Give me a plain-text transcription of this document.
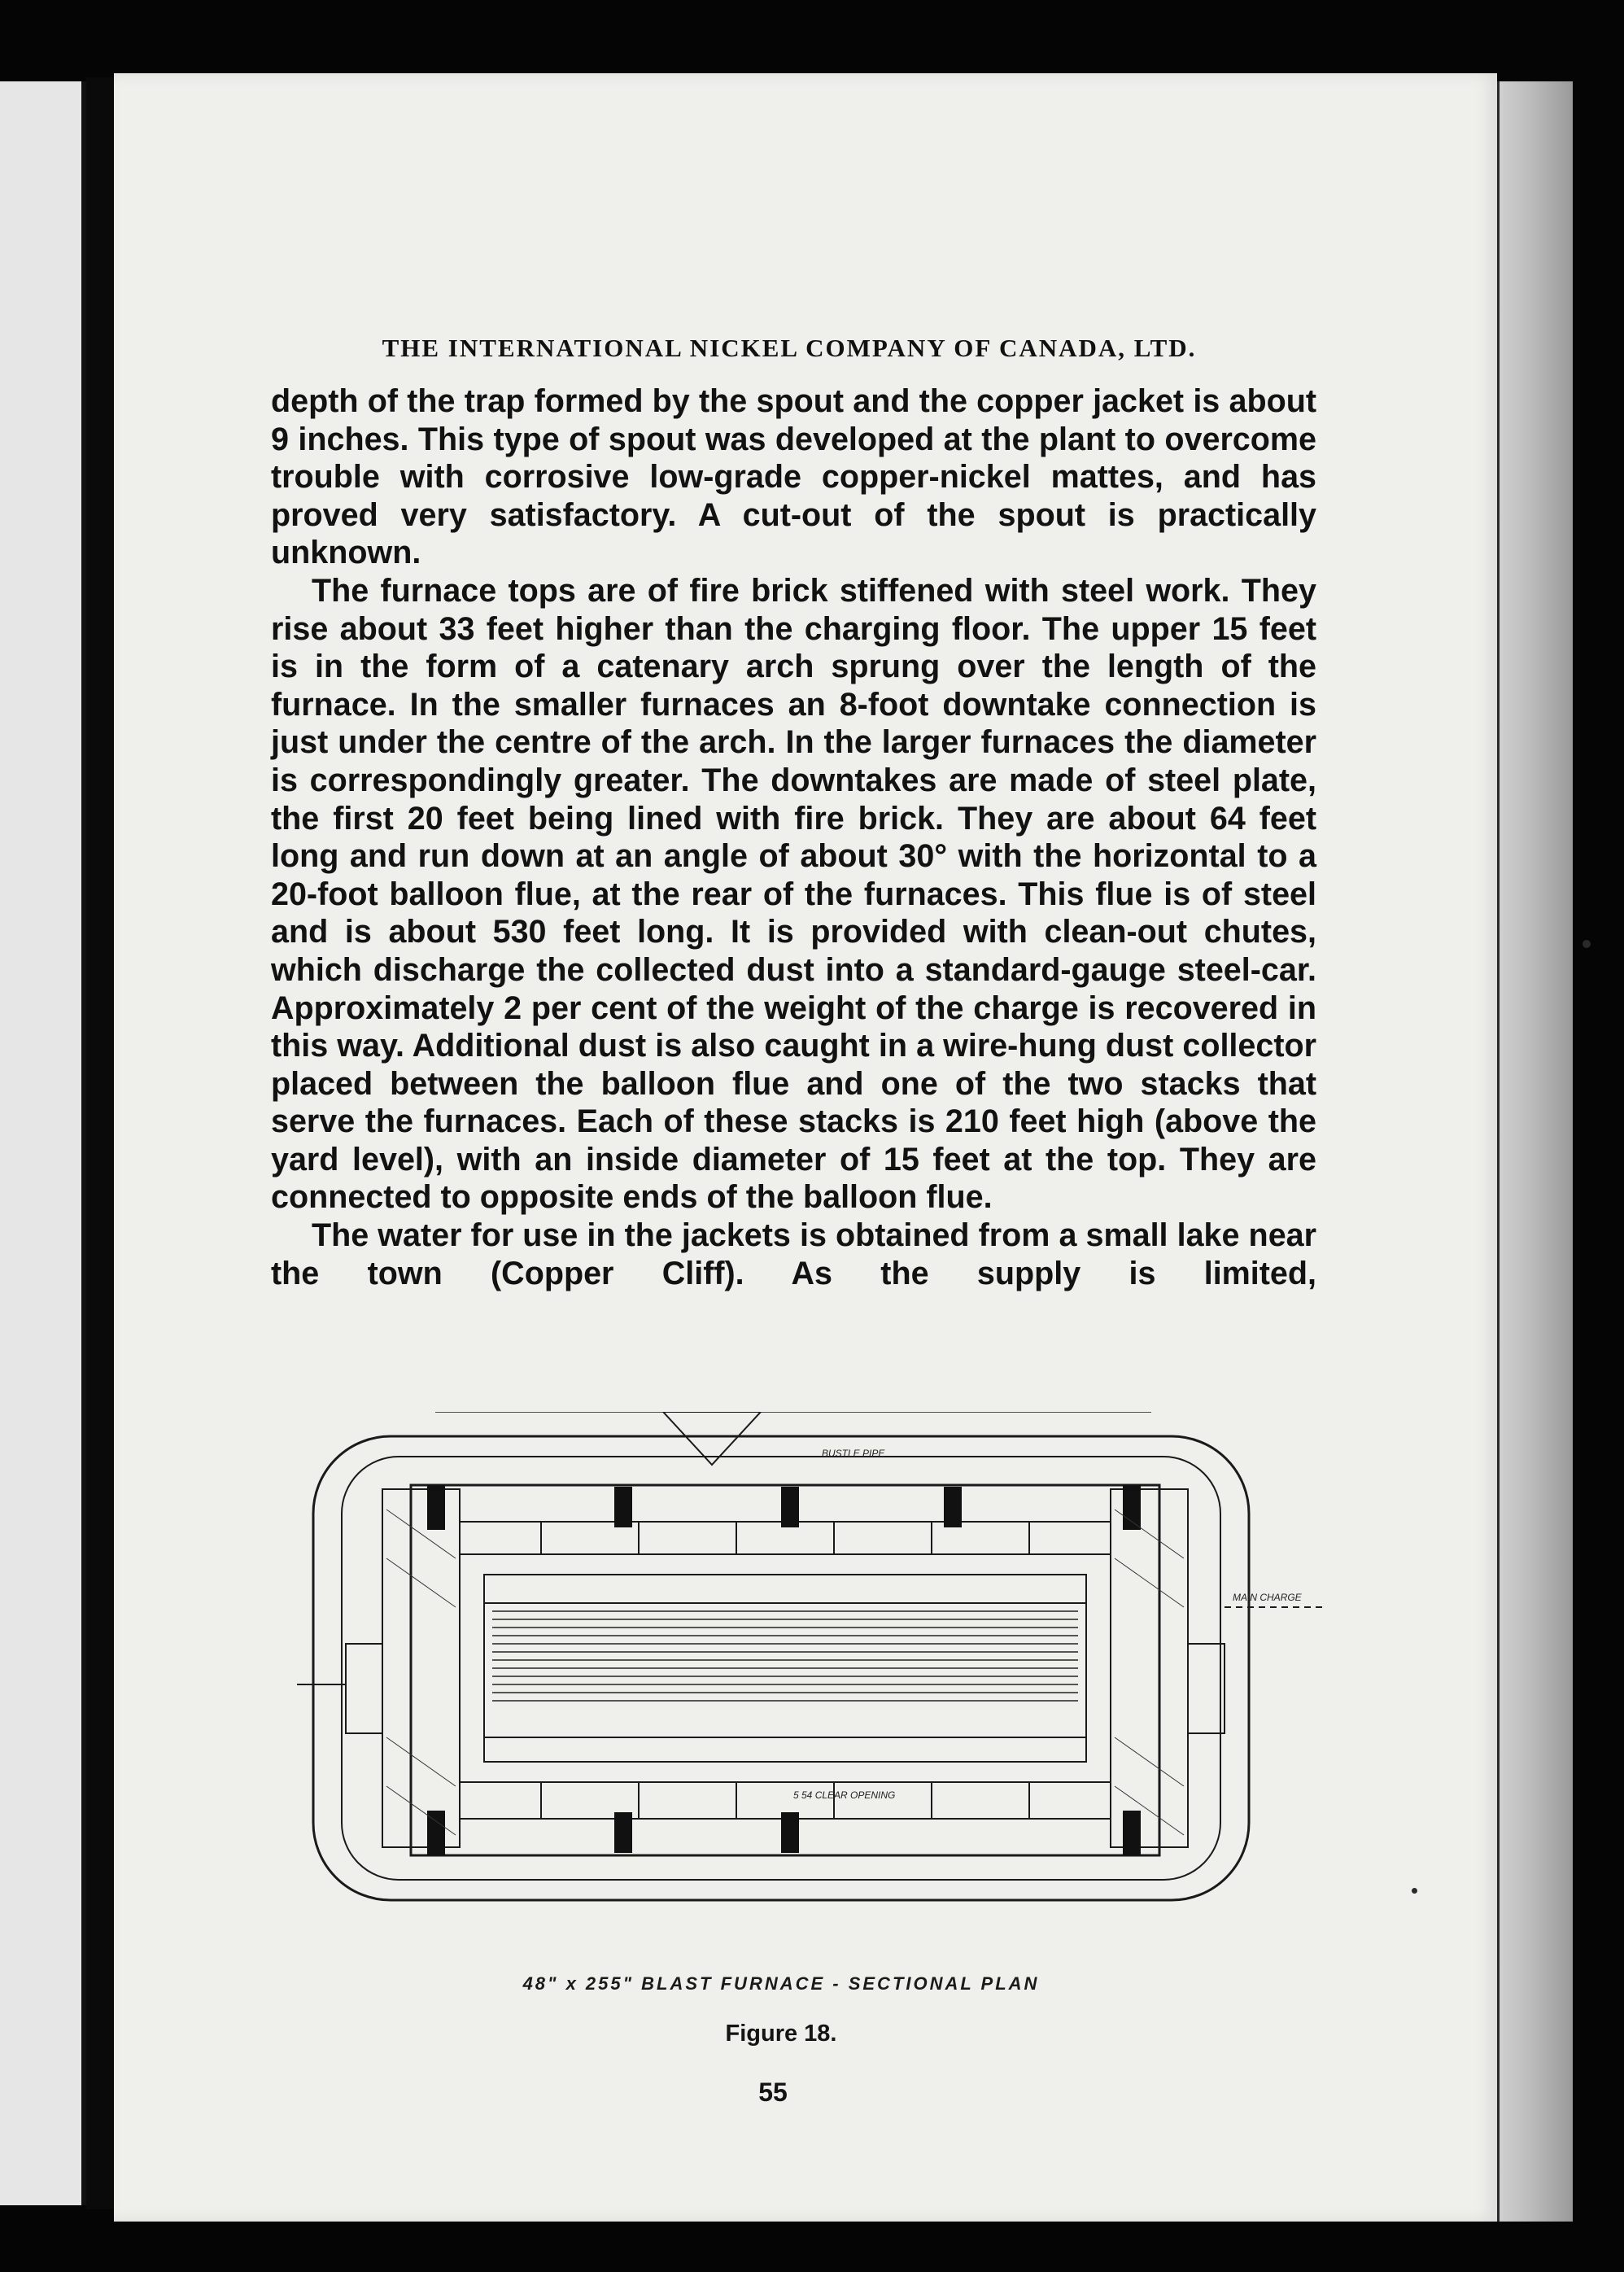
THE INTERNATIONAL NICKEL COMPANY OF CANADA, LTD.

depth of the trap formed by the spout and the copper jacket is about 9 inches. This type of spout was developed at the plant to overcome trouble with corrosive low-grade copper-nickel mattes, and has proved very satisfactory. A cut-out of the spout is practically unknown.

The furnace tops are of fire brick stiffened with steel work. They rise about 33 feet higher than the charging floor. The upper 15 feet is in the form of a catenary arch sprung over the length of the furnace. In the smaller furnaces an 8-foot downtake connection is just under the centre of the arch. In the larger furnaces the diameter is correspondingly greater. The downtakes are made of steel plate, the first 20 feet being lined with fire brick. They are about 64 feet long and run down at an angle of about 30° with the horizontal to a 20-foot balloon flue, at the rear of the furnaces. This flue is of steel and is about 530 feet long. It is provided with clean-out chutes, which discharge the collected dust into a standard-gauge steel-car. Approximately 2 per cent of the weight of the charge is recovered in this way. Additional dust is also caught in a wire-hung dust collector placed between the balloon flue and one of the two stacks that serve the furnaces. Each of these stacks is 210 feet high (above the yard level), with an inside diameter of 15 feet at the top. They are connected to opposite ends of the balloon flue.

The water for use in the jackets is obtained from a small lake near the town (Copper Cliff). As the supply is limited,

BUSTLE PIPE
5 54 CLEAR OPENING
MAIN CHARGE
48" x 255" BLAST FURNACE - SECTIONAL PLAN
Figure 18.
55
